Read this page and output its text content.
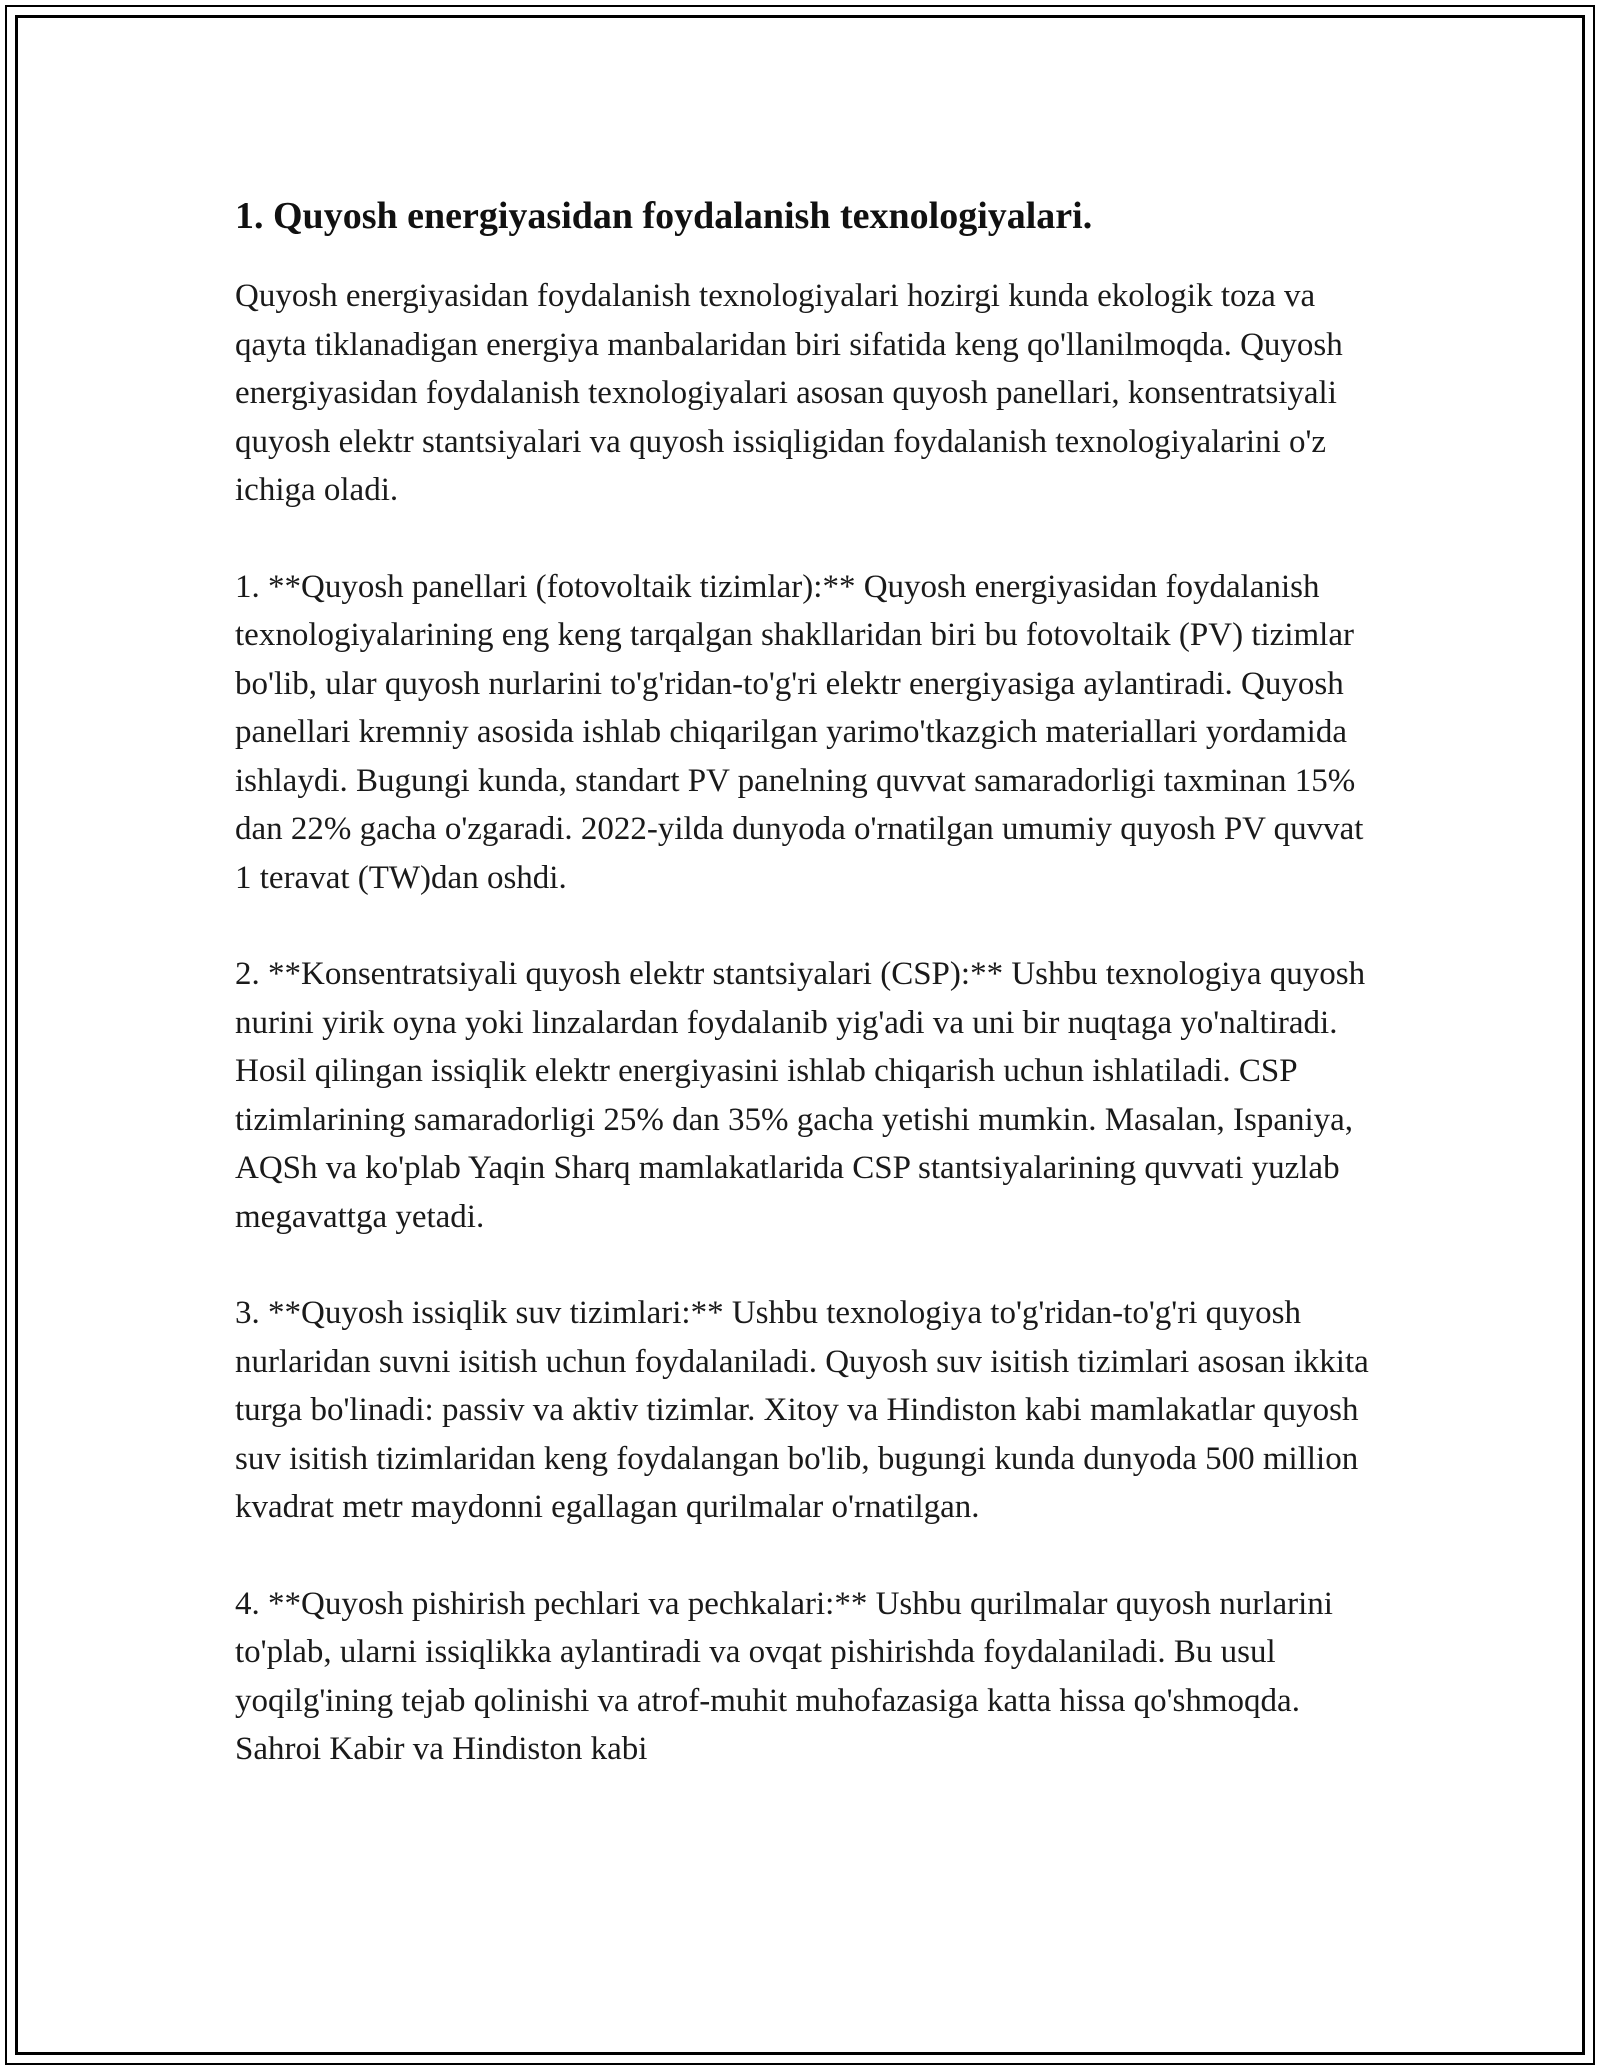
1. Quyosh energiyasidan foydalanish texnologiyalari.

Quyosh energiyasidan foydalanish texnologiyalari hozirgi kunda ekologik toza va qayta tiklanadigan energiya manbalaridan biri sifatida keng qo'llanilmoqda. Quyosh energiyasidan foydalanish texnologiyalari asosan quyosh panellari, konsentratsiyali quyosh elektr stantsiyalari va quyosh issiqligidan foydalanish texnologiyalarini o'z ichiga oladi.

1. **Quyosh panellari (fotovoltaik tizimlar):** Quyosh energiyasidan foydalanish texnologiyalarining eng keng tarqalgan shakllaridan biri bu fotovoltaik (PV) tizimlar bo'lib, ular quyosh nurlarini to'g'ridan-to'g'ri elektr energiyasiga aylantiradi. Quyosh panellari kremniy asosida ishlab chiqarilgan yarimo'tkazgich materiallari yordamida ishlaydi. Bugungi kunda, standart PV panelning quvvat samaradorligi taxminan 15% dan 22% gacha o'zgaradi. 2022-yilda dunyoda o'rnatilgan umumiy quyosh PV quvvat 1 teravat (TW)dan oshdi.

2. **Konsentratsiyali quyosh elektr stantsiyalari (CSP):** Ushbu texnologiya quyosh nurini yirik oyna yoki linzalardan foydalanib yig'adi va uni bir nuqtaga yo'naltiradi. Hosil qilingan issiqlik elektr energiyasini ishlab chiqarish uchun ishlatiladi. CSP tizimlarining samaradorligi 25% dan 35% gacha yetishi mumkin. Masalan, Ispaniya, AQSh va ko'plab Yaqin Sharq mamlakatlarida CSP stantsiyalarining quvvati yuzlab megavattga yetadi.

3. **Quyosh issiqlik suv tizimlari:** Ushbu texnologiya to'g'ridan-to'g'ri quyosh nurlaridan suvni isitish uchun foydalaniladi. Quyosh suv isitish tizimlari asosan ikkita turga bo'linadi: passiv va aktiv tizimlar. Xitoy va Hindiston kabi mamlakatlar quyosh suv isitish tizimlaridan keng foydalangan bo'lib, bugungi kunda dunyoda 500 million kvadrat metr maydonni egallagan qurilmalar o'rnatilgan.

4. **Quyosh pishirish pechlari va pechkalari:** Ushbu qurilmalar quyosh nurlarini to'plab, ularni issiqlikka aylantiradi va ovqat pishirishda foydalaniladi. Bu usul yoqilg'ining tejab qolinishi va atrof-muhit muhofazasiga katta hissa qo'shmoqda. Sahroi Kabir va Hindiston kabi
